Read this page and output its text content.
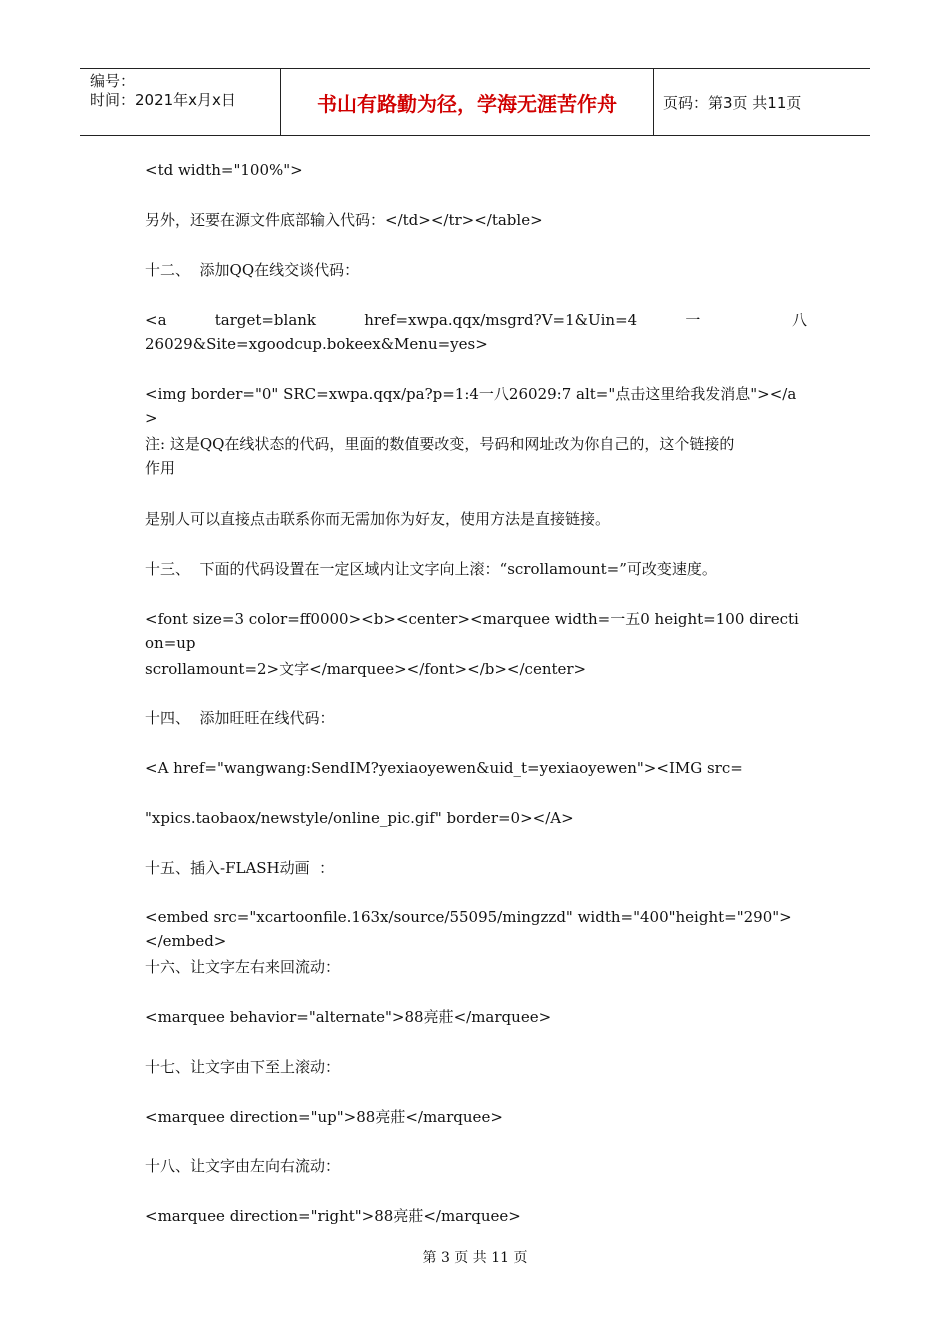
编号：
时间：2021年x月x日	书山有路勤为径，学海无涯苦作舟	页码：第3页 共11页

<td width="100%">

另外，还要在源文件底部输入代码：</td></tr></table>

十二、  添加QQ在线交谈代码：

<a target=blank href=xwpa.qqx/msgrd?V=1&Uin=4 一 八

26029&Site=xgoodcup.bokeex&Menu=yes>

<img border="0" SRC=xwpa.qqx/pa?p=1:4一八26029:7 alt="点击这里给我发消息"></a>

注: 这是QQ在线状态的代码，里面的数值要改变，号码和网址改为你自己的，这个链接的

作用

是别人可以直接点击联系你而无需加你为好友，使用方法是直接链接。

十三、  下面的代码设置在一定区域内让文字向上滚：“scrollamount=”可改变速度。

<font size=3 color=ff0000><b><center><marquee width=一五0 height=100 direction=up

scrollamount=2>文字</marquee></font></b></center>

十四、  添加旺旺在线代码：

<A href="wangwang:SendIM?yexiaoyewen&uid_t=yexiaoyewen"><IMG src=

"xpics.taobaox/newstyle/online_pic.gif" border=0></A>

十五、插入-FLASH动画  ：

<embed src="xcartoonfile.163x/source/55095/mingzzd" width="400"height="290"></embed>

十六、让文字左右来回流动：

<marquee behavior="alternate">88亮莊</marquee>

十七、让文字由下至上滚动：

<marquee direction="up">88亮莊</marquee>

十八、让文字由左向右流动：

<marquee direction="right">88亮莊</marquee>

第 3 页 共 11 页
